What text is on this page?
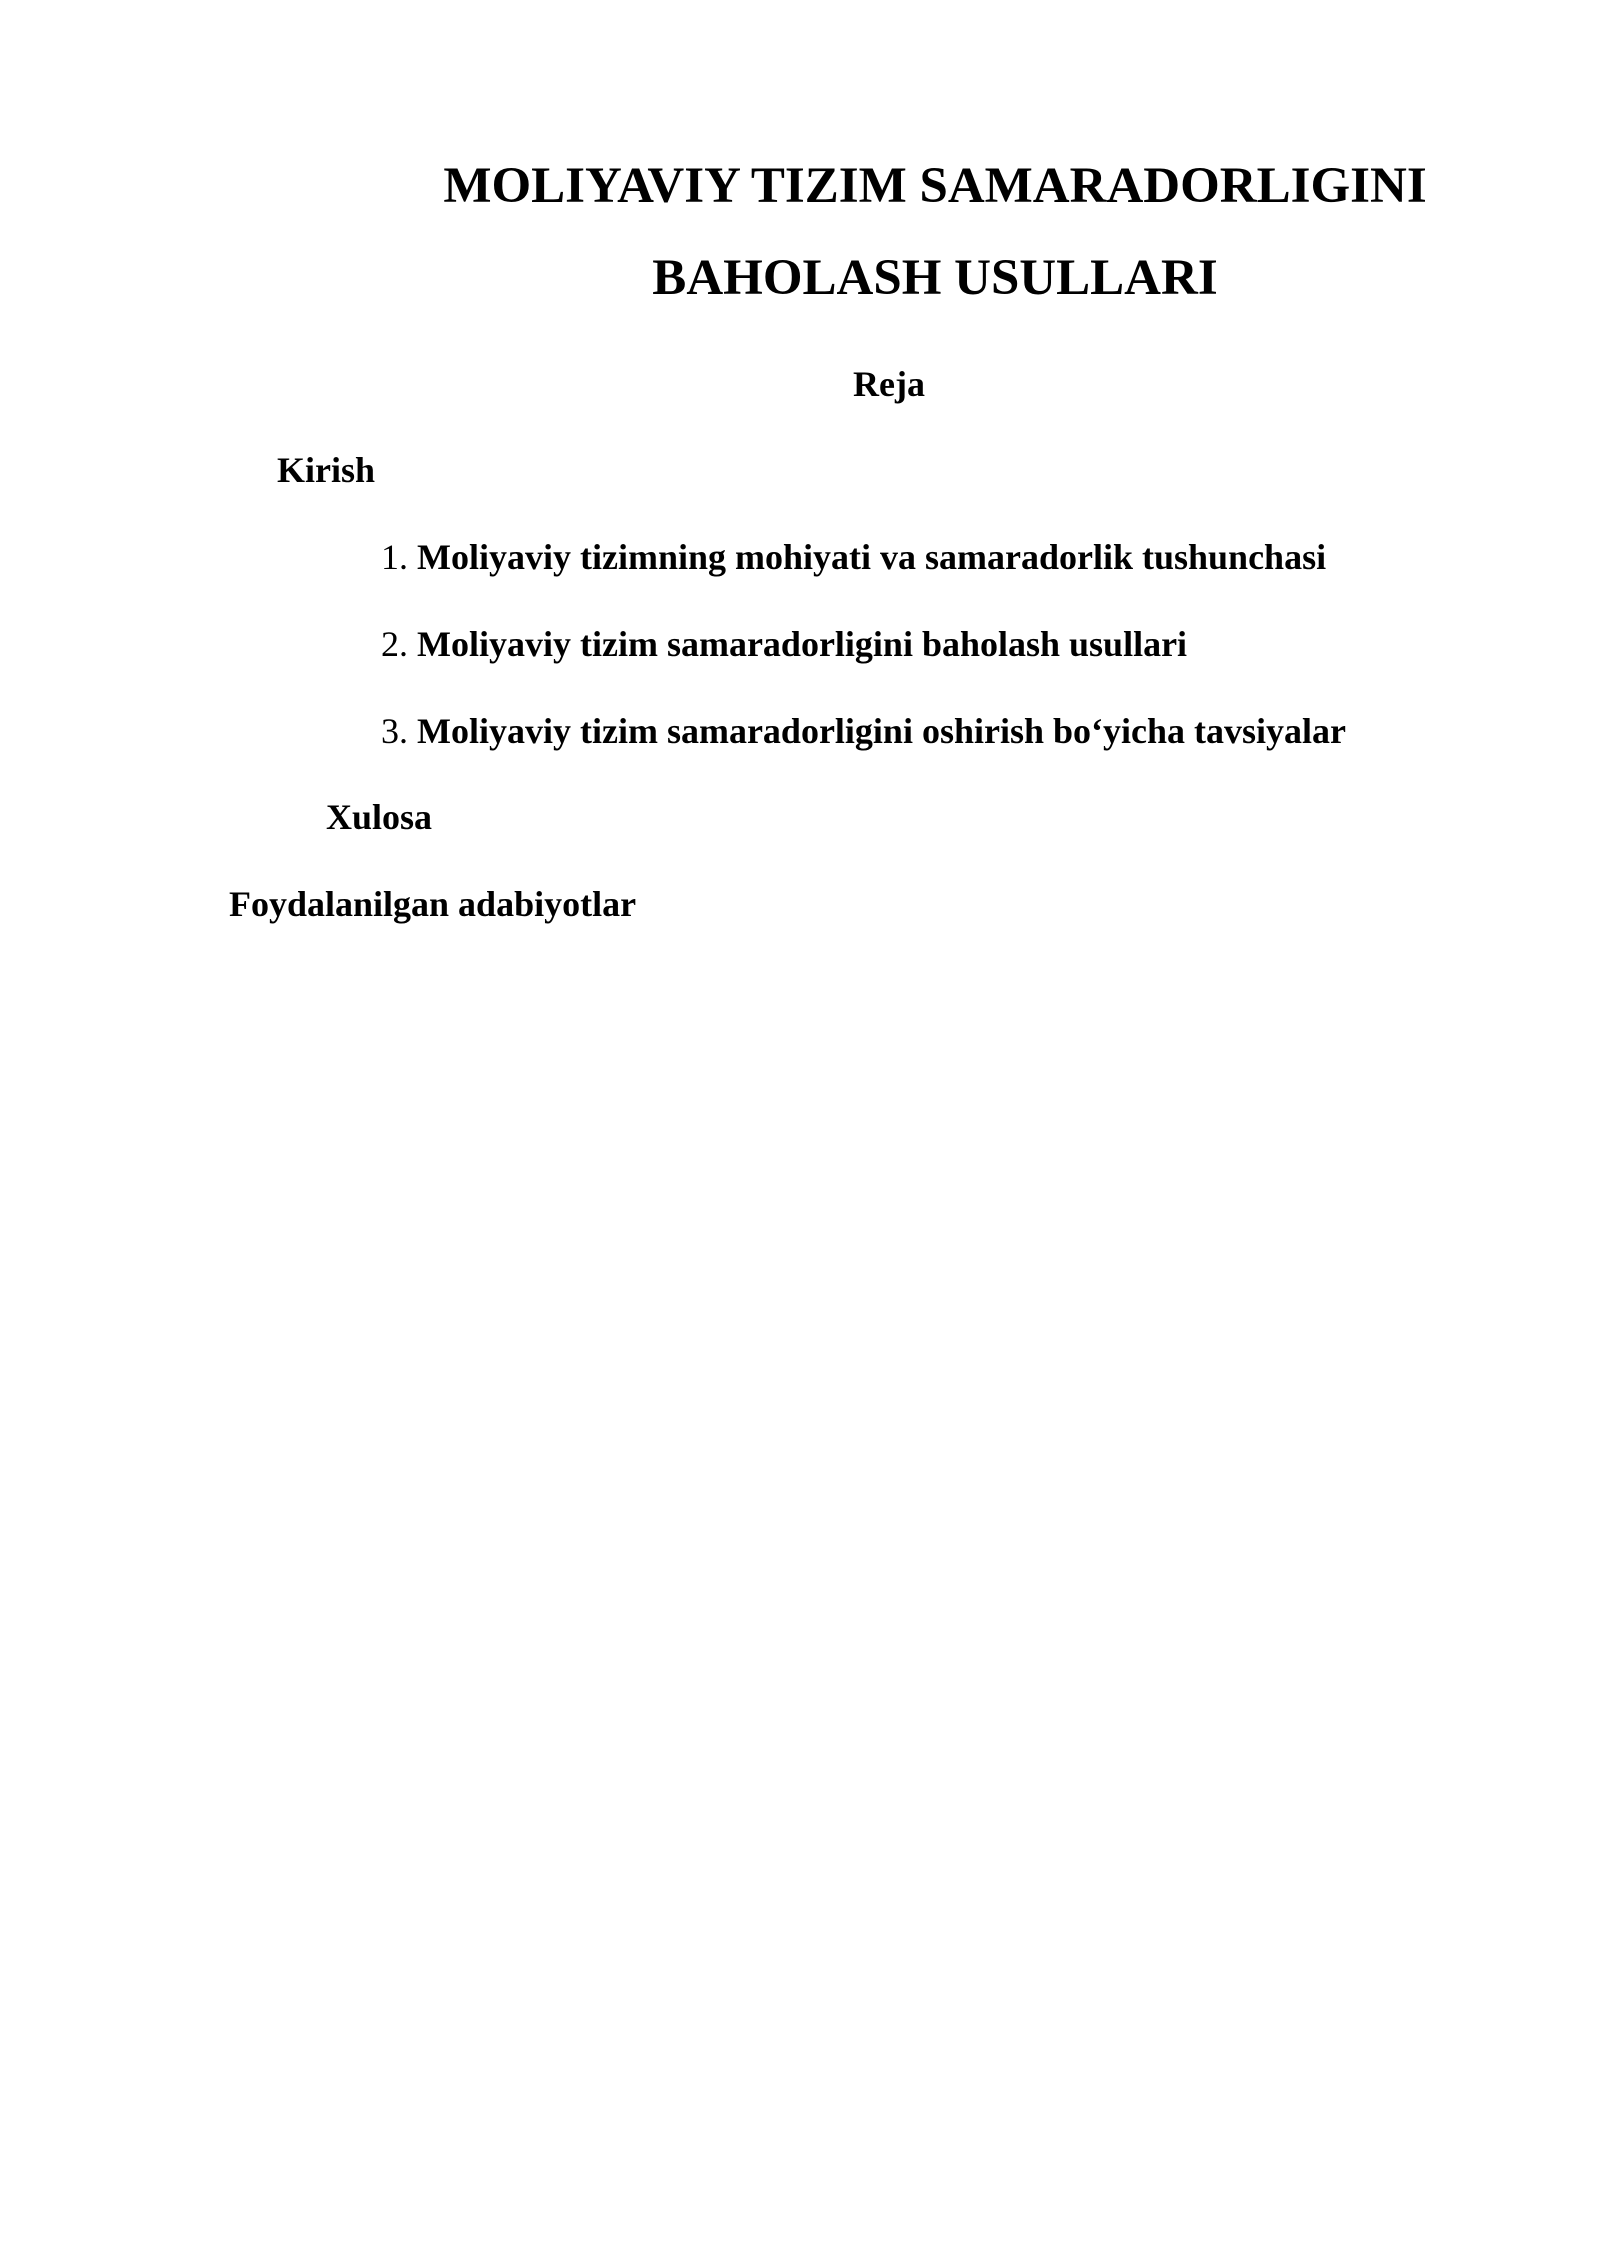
MOLIYAVIY TIZIM SAMARADORLIGINI
BAHOLASH USULLARI
Reja
Kirish
1. Moliyaviy tizimning mohiyati va samaradorlik tushunchasi
2. Moliyaviy tizim samaradorligini baholash usullari
3. Moliyaviy tizim samaradorligini oshirish bo‘yicha tavsiyalar
Xulosa
Foydalanilgan adabiyotlar
